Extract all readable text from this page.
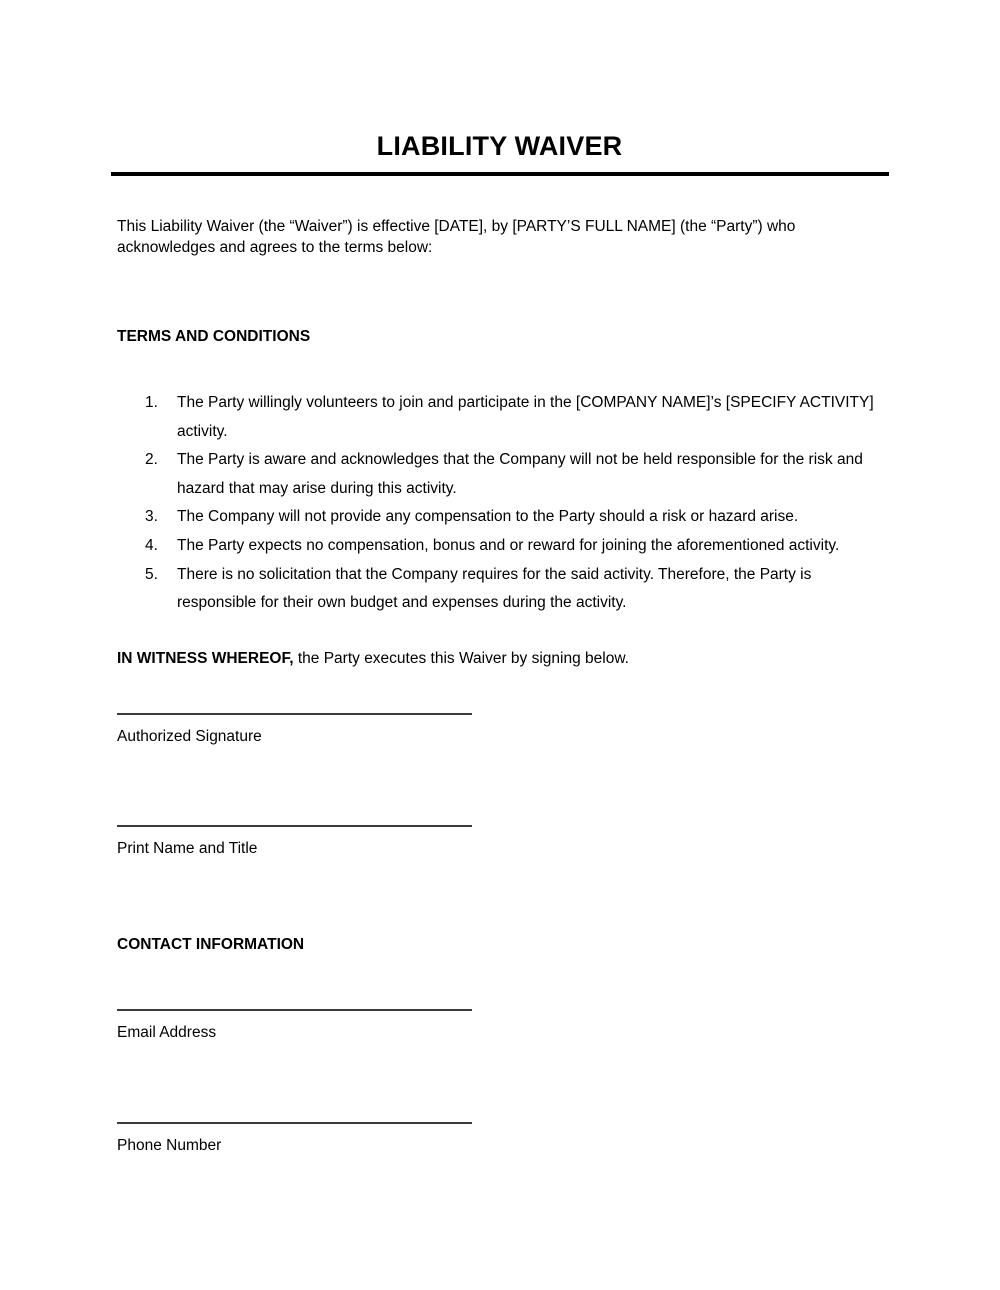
LIABILITY WAIVER

This Liability Waiver (the “Waiver”) is effective [DATE], by [PARTY’S FULL NAME] (the “Party”) who acknowledges and agrees to the terms below:

TERMS AND CONDITIONS
1.	The Party willingly volunteers to join and participate in the [COMPANY NAME]’s [SPECIFY ACTIVITY] activity.
2.	The Party is aware and acknowledges that the Company will not be held responsible for the risk and hazard that may arise during this activity.
3.	The Company will not provide any compensation to the Party should a risk or hazard arise.
4.	The Party expects no compensation, bonus and or reward for joining the aforementioned activity.
5.	There is no solicitation that the Company requires for the said activity. Therefore, the Party is responsible for their own budget and expenses during the activity.

IN WITNESS WHEREOF, the Party executes this Waiver by signing below.

Authorized Signature
Print Name and Title
CONTACT INFORMATION
Email Address
Phone Number
